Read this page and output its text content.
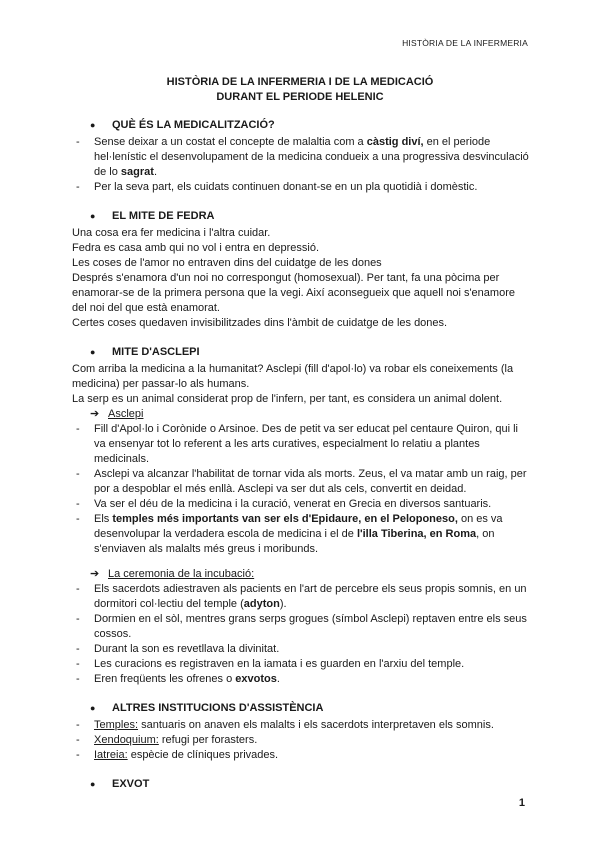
HISTÒRIA DE LA INFERMERIA
HISTÒRIA DE LA INFERMERIA I DE LA MEDICACIÓ
DURANT EL PERIODE HELENIC
●	QUÈ ÉS LA MEDICALITZACIÓ?
-	Sense deixar a un costat el concepte de malaltia com a càstig diví, en el periode hel·lenístic el desenvolupament de la medicina condueix a una progressiva desvinculació de lo sagrat.
-	Per la seva part, els cuidats continuen donant-se en un pla quotidià i domèstic.
●	EL MITE DE FEDRA
Una cosa era fer medicina i l'altra cuidar.
Fedra es casa amb qui no vol i entra en depressió.
Les coses de l'amor no entraven dins del cuidatge de les dones
Després s'enamora d'un noi no correspongut (homosexual). Per tant, fa una pòcima per enamorar-se de la primera persona que la vegi. Així aconsegueix que aquell noi s'enamore del noi del que està enamorat.
Certes coses quedaven invisibilitzades dins l'àmbit de cuidatge de les dones.
●	MITE D'ASCLEPI
Com arriba la medicina a la humanitat? Asclepi (fill d'apol·lo) va robar els coneixements (la medicina) per passar-lo als humans.
La serp es un animal considerat prop de l'infern, per tant, es considera un animal dolent.
➔ Asclepi
-	Fill d'Apol·lo i Corònide o Arsinoe. Des de petit va ser educat pel centaure Quiron, qui li va ensenyar tot lo referent a les arts curatives, especialment lo relatiu a plantes medicinals.
-	Asclepi va alcanzar l'habilitat de tornar vida als morts. Zeus, el va matar amb un raig, per por a despoblar el més enllà. Asclepi va ser dut als cels, convertit en deidad.
-	Va ser el déu de la medicina i la curació, venerat en Grecia en diversos santuaris.
-	Els temples més importants van ser els d'Epidaure, en el Peloponeso, on es va desenvolupar la verdadera escola de medicina i el de l'illa Tiberina, en Roma, on s'enviaven als malalts més greus i moribunds.
➔ La ceremonia de la incubació:
-	Els sacerdots adiestraven als pacients en l'art de percebre els seus propis somnis, en un dormitori col·lectiu del temple (adyton).
-	Dormien en el sòl, mentres grans serps grogues (símbol Asclepi) reptaven entre els seus cossos.
-	Durant la son es revetllava la divinitat.
-	Les curacions es registraven en la iamata i es guarden en l'arxiu del temple.
-	Eren freqüents les ofrenes o exvotos.
●	ALTRES INSTITUCIONS D'ASSISTÈNCIA
-	Temples: santuaris on anaven els malalts i els sacerdots interpretaven els somnis.
-	Xendoquium: refugi per forasters.
-	Iatreia: espècie de clíniques privades.
●	EXVOT
1
